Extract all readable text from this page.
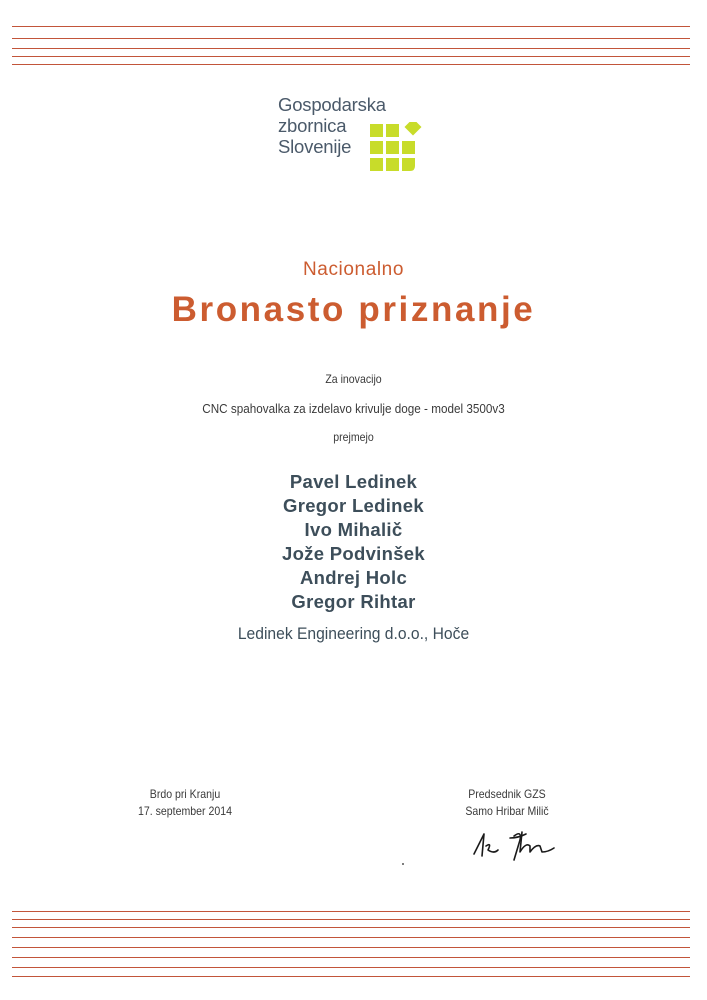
Gospodarska
zbornica
Slovenije
Nacionalno
Bronasto priznanje
Za inovacijo
CNC spahovalka za izdelavo krivulje doge - model 3500v3
prejmejo
Pavel Ledinek
Gregor Ledinek
Ivo Mihalič
Jože Podvinšek
Andrej Holc
Gregor Rihtar
Ledinek Engineering d.o.o., Hoče
Brdo pri Kranju
17. september 2014
Predsednik GZS
Samo Hribar Milič
